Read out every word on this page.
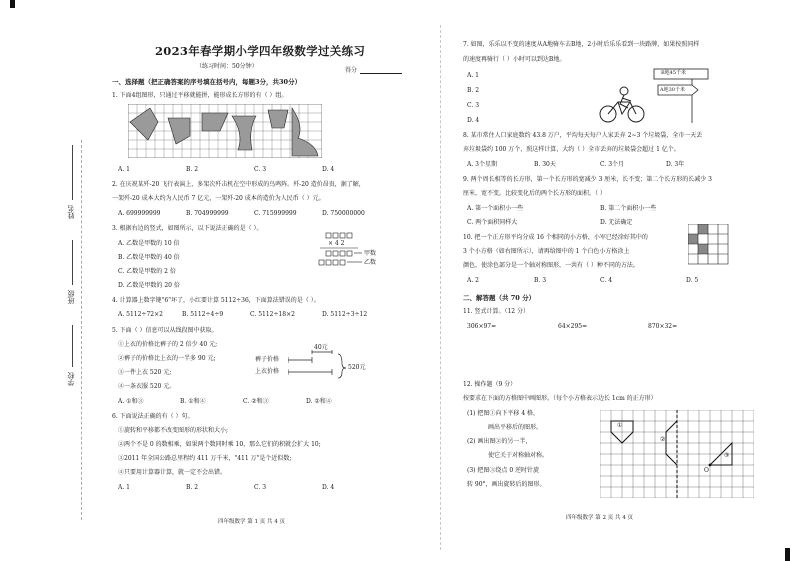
姓名
班级
学校
2023年春学期小学四年级数学过关练习
（练习时间：50分钟）
得分
一、选择题（把正确答案的序号填在括号内，每题3分，共30分）
1. 下面4组图形，只通过平移就能拼，能形成长方形的有（ ）组。
A. 1	B. 2	C. 3	D. 4
2. 在庆祝某歼-20 飞行表演上，多架次歼击机在空中形成的鸟鸣阵。歼-20 造价昂贵，据了解，
一架歼-20 成本大约为人民币 7 亿元，一架歼-20 成本的造价为人民币（ ）元。
A. 699999999	B. 704999999	C. 715999999	D. 750000000
3. 根据右边的竖式，如图所示，以下说法正确的是（ ）。
A. 乙数是甲数的 10 倍
B. 乙数是甲数的 40 倍
C. 乙数是甲数的 2 倍
D. 乙数是甲数的 20 倍
× 4 2
甲数
乙数
4. 计算器上数字键"6"坏了，小红要计算 5112÷36，下面算法错误的是（ ）。
A. 5112÷72×2	B. 5112÷4÷9	C. 5112÷18×2	D. 5112÷3÷12
5. 下面（ ）信息可以从线段图中获取。
①上衣的价格比裤子的 2 倍少 40 元;
②裤子的价格比上衣的一半多 90 元;
③一件上衣 520 元;
④一条衣服 520 元。
A. ①和③	B. ①和④	C. ②和③	D. ②和④
40元
裤子价格
上衣价格
520元
6. 下面说法正确的有（ ）句。
①旋转和平移都不改变图形的形状和大小;
②两个不是 0 的数相乘，如果两个数同时乘 10，那么它们的积就会扩大 10;
③2011 年全国公路总里程约 411 万千米，"411 万"是个近似数;
④只要用计算器计算，就一定不会出错。
A. 1	B. 2	C. 3	D. 4
四年级数学 第 1 页 共 4 页
7. 如图，乐乐以不变的速度从A地骑车去B地，2小时后乐乐看到一块路牌，如果按照同样
的速度再骑行（ ）小时可以到达B地。
A. 1
B. 2
C. 3
D. 4
B地45千米
A地30千米
8. 某市常住人口家庭数约 43.8 万户，平均每天每户人家丢弃 2~3 个垃圾袋，全市一天丢
弃垃圾袋约 100 万个，照这样计算，大约（ ）全市丢弃的垃圾袋会超过 1 亿个。
A. 3个星期	B. 30天	C. 3个月	D. 3年
9. 两个周长相等的长方形，第一个长方形的宽减少 3 厘米，长不变；第二个长方形的长减少 3
厘米，宽不变。比较变化后的两个长方形的面积。（ ）
A. 第一个面积小一些	B. 第二个面积小一些
C. 两个面积同样大	D. 无法确定
10. 把一个正方形平均分成 16 个相同的小方格，小军已经涂好其中的
3 个小方格（如右图所示），请再给图中的 1 个白色小方格涂上
颜色，使涂色部分是一个轴对称图形，一共有（ ）种不同的方法。
A. 2	B. 3	C. 4	D. 5
二、解答题（共 70 分）
11. 竖式计算。（12 分）
306×97=	64×295=	870×32=
12. 操作题（9 分）
按要求在下面的方格图中画图形。（每个小方格表示边长 1cm 的正方形）
(1) 把图①向下平移 4 格，
画出平移后的图形。
(2) 画出图②的另一半，
使它关于对称轴对称。
(3) 把图③绕点 0 逆时针旋
转 90°，画出旋转后的图形。
①
②
③
O
四年级数学 第 2 页 共 4 页
